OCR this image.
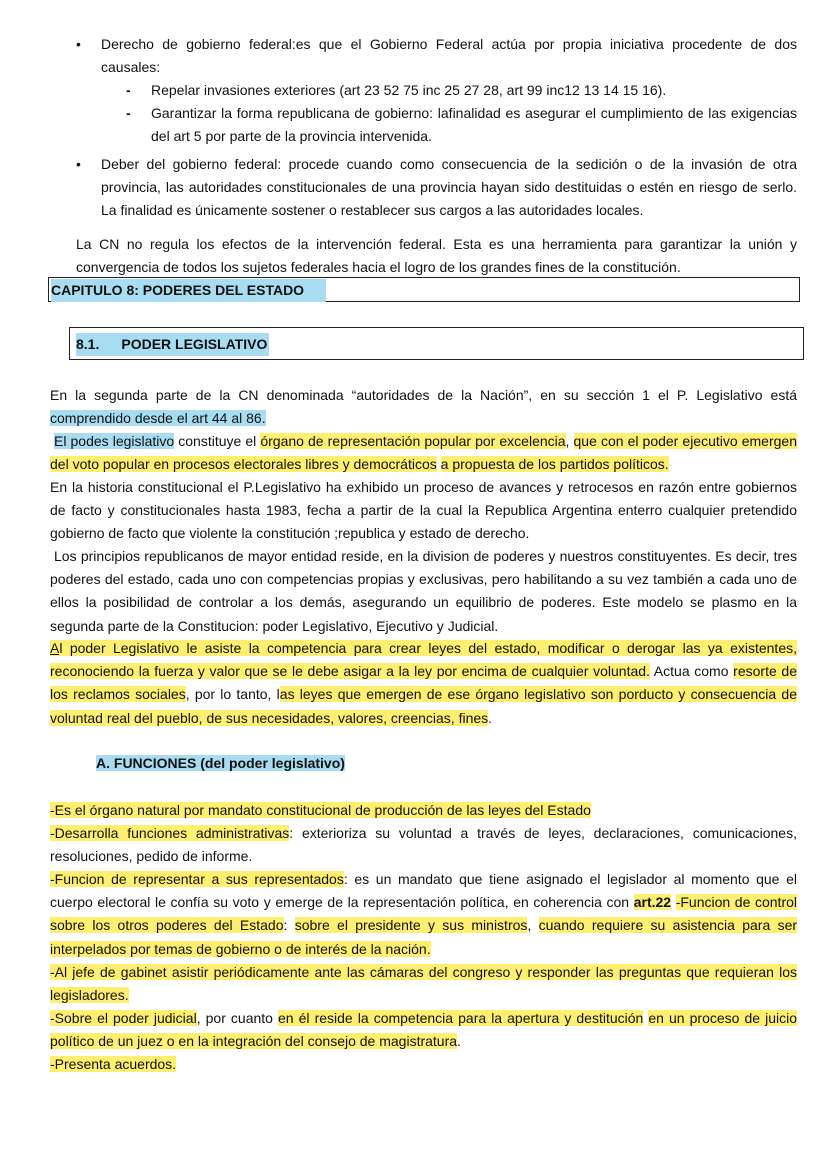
• Derecho de gobierno federal:es que el Gobierno Federal actúa por propia iniciativa procedente de dos causales:
- Repelar invasiones exteriores (art 23 52 75 inc 25 27 28, art 99 inc12 13 14 15 16).
- Garantizar la forma republicana de gobierno: lafinalidad es asegurar el cumplimiento de las exigencias del art 5 por parte de la provincia intervenida.
• Deber del gobierno federal: procede cuando como consecuencia de la sedición o de la invasión de otra provincia, las autoridades constitucionales de una provincia hayan sido destituidas o estén en riesgo de serlo. La finalidad es únicamente sostener o restablecer sus cargos a las autoridades locales.
La CN no regula los efectos de la intervención federal. Esta es una herramienta para garantizar la unión y convergencia de todos los sujetos federales hacia el logro de los grandes fines de la constitución.
CAPITULO 8: PODERES DEL ESTADO
8.1. PODER LEGISLATIVO
En la segunda parte de la CN denominada “autoridades de la Nación”, en su sección 1 el P. Legislativo está comprendido desde el art 44 al 86.
El podes legislativo constituye el órgano de representación popular por excelencia, que con el poder ejecutivo emergen del voto popular en procesos electorales libres y democráticos a propuesta de los partidos políticos.
En la historia constitucional el P.Legislativo ha exhibido un proceso de avances y retrocesos en razón entre gobiernos de facto y constitucionales hasta 1983, fecha a partir de la cual la Republica Argentina enterro cualquier pretendido gobierno de facto que violente la constitución ;republica y estado de derecho.
Los principios republicanos de mayor entidad reside, en la division de poderes y nuestros constituyentes. Es decir, tres poderes del estado, cada uno con competencias propias y exclusivas, pero habilitando a su vez también a cada uno de ellos la posibilidad de controlar a los demás, asegurando un equilibrio de poderes. Este modelo se plasmo en la segunda parte de la Constitucion: poder Legislativo, Ejecutivo y Judicial.
Al poder Legislativo le asiste la competencia para crear leyes del estado, modificar o derogar las ya existentes, reconociendo la fuerza y valor que se le debe asigar a la ley por encima de cualquier voluntad. Actua como resorte de los reclamos sociales, por lo tanto, las leyes que emergen de ese órgano legislativo son porducto y consecuencia de voluntad real del pueblo, de sus necesidades, valores, creencias, fines.
A. FUNCIONES (del poder legislativo)
-Es el órgano natural por mandato constitucional de producción de las leyes del Estado
-Desarrolla funciones administrativas: exterioriza su voluntad a través de leyes, declaraciones, comunicaciones, resoluciones, pedido de informe.
-Funcion de representar a sus representados: es un mandato que tiene asignado el legislador al momento que el cuerpo electoral le confía su voto y emerge de la representación política, en coherencia con art.22 -Funcion de control sobre los otros poderes del Estado: sobre el presidente y sus ministros, cuando requiere su asistencia para ser interpelados por temas de gobierno o de interés de la nación.
-Al jefe de gabinet asistir periódicamente ante las cámaras del congreso y responder las preguntas que requieran los legisladores.
-Sobre el poder judicial, por cuanto en él reside la competencia para la apertura y destitución en un proceso de juicio político de un juez o en la integración del consejo de magistratura.
-Presenta acuerdos.
